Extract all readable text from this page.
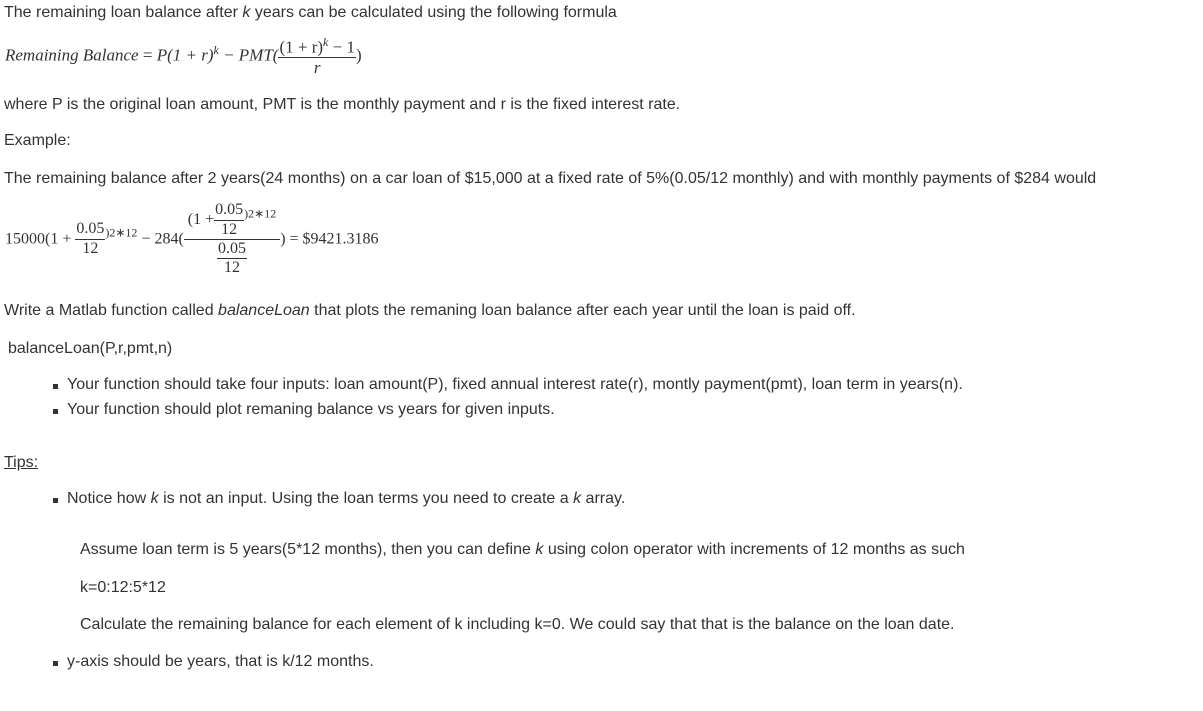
The remaining loan balance after k years can be calculated using the following formula
Remaining Balance = $P(1 + r)^k - PMT( \frac{(1 + r)^k - 1}{r}$ )
where P is the original loan amount, PMT is the monthly payment and r is the fixed interest rate.
Example:
The remaining balance after 2 years(24 months) on a car loan of $15,000 at a fixed rate of 5%(0.05/12 monthly) and with monthly payments of $284 would
$15000(1 + \frac{0.05}{12} ^{)2∗12} - 284( \frac{(1 + \frac{0.05}{12} ^{)2∗12}}{\frac{0.05}{12}}$ ) = $9421.3186
Write a Matlab function called balanceLoan that plots the remaning loan balance after each year until the loan is paid off.
balanceLoan(P,r,pmt,n)
Your function should take four inputs: loan amount(P), fixed annual interest rate(r), montly payment(pmt), loan term in years(n).
Your function should plot remaning balance vs years for given inputs.
Tips:
Notice how k is not an input. Using the loan terms you need to create a k array.
Assume loan term is 5 years(5*12 months), then you can define k using colon operator with increments of 12 months as such
k=0:12:5*12
Calculate the remaining balance for each element of k including k=0. We could say that that is the balance on the loan date.
y-axis should be years, that is k/12 months.
